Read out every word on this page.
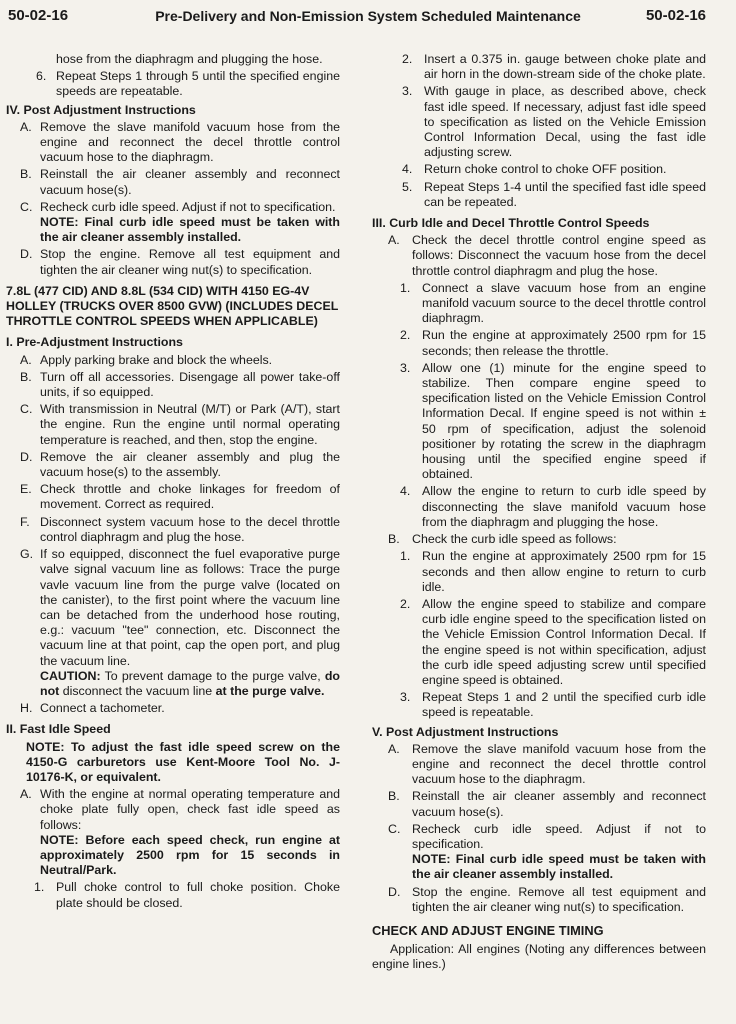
50-02-16	Pre-Delivery and Non-Emission System Scheduled Maintenance	50-02-16
hose from the diaphragm and plugging the hose.
6. Repeat Steps 1 through 5 until the specified engine speeds are repeatable.
IV. Post Adjustment Instructions
A. Remove the slave manifold vacuum hose from the engine and reconnect the decel throttle control vacuum hose to the diaphragm.
B. Reinstall the air cleaner assembly and reconnect vacuum hose(s).
C. Recheck curb idle speed. Adjust if not to specification.
NOTE: Final curb idle speed must be taken with the air cleaner assembly installed.
D. Stop the engine. Remove all test equipment and tighten the air cleaner wing nut(s) to specification.
7.8L (477 CID) AND 8.8L (534 CID) WITH 4150 EG-4V HOLLEY (TRUCKS OVER 8500 GVW) (INCLUDES DECEL THROTTLE CONTROL SPEEDS WHEN APPLICABLE)
I. Pre-Adjustment Instructions
A. Apply parking brake and block the wheels.
B. Turn off all accessories. Disengage all power take-off units, if so equipped.
C. With transmission in Neutral (M/T) or Park (A/T), start the engine. Run the engine until normal operating temperature is reached, and then, stop the engine.
D. Remove the air cleaner assembly and plug the vacuum hose(s) to the assembly.
E. Check throttle and choke linkages for freedom of movement. Correct as required.
F. Disconnect system vacuum hose to the decel throttle control diaphragm and plug the hose.
G. If so equipped, disconnect the fuel evaporative purge valve signal vacuum line as follows: Trace the purge vavle vacuum line from the purge valve (located on the canister), to the first point where the vacuum line can be detached from the underhood hose routing, e.g.: vacuum "tee" connection, etc. Disconnect the vacuum line at that point, cap the open port, and plug the vacuum line.
CAUTION: To prevent damage to the purge valve, do not disconnect the vacuum line at the purge valve.
H. Connect a tachometer.
II. Fast Idle Speed
NOTE: To adjust the fast idle speed screw on the 4150-G carburetors use Kent-Moore Tool No. J-10176-K, or equivalent.
A. With the engine at normal operating temperature and choke plate fully open, check fast idle speed as follows:
NOTE: Before each speed check, run engine at approximately 2500 rpm for 15 seconds in Neutral/Park.
1. Pull choke control to full choke position. Choke plate should be closed.
2. Insert a 0.375 in. gauge between choke plate and air horn in the down-stream side of the choke plate.
3. With gauge in place, as described above, check fast idle speed. If necessary, adjust fast idle speed to specification as listed on the Vehicle Emission Control Information Decal, using the fast idle adjusting screw.
4. Return choke control to choke OFF position.
5. Repeat Steps 1-4 until the specified fast idle speed can be repeated.
III. Curb Idle and Decel Throttle Control Speeds
A. Check the decel throttle control engine speed as follows: Disconnect the vacuum hose from the decel throttle control diaphragm and plug the hose.
1. Connect a slave vacuum hose from an engine manifold vacuum source to the decel throttle control diaphragm.
2. Run the engine at approximately 2500 rpm for 15 seconds; then release the throttle.
3. Allow one (1) minute for the engine speed to stabilize. Then compare engine speed to specification listed on the Vehicle Emission Control Information Decal. If engine speed is not within ± 50 rpm of specification, adjust the solenoid positioner by rotating the screw in the diaphragm housing until the specified engine speed if obtained.
4. Allow the engine to return to curb idle speed by disconnecting the slave manifold vacuum hose from the diaphragm and plugging the hose.
B. Check the curb idle speed as follows:
1. Run the engine at approximately 2500 rpm for 15 seconds and then allow engine to return to curb idle.
2. Allow the engine speed to stabilize and compare curb idle engine speed to the specification listed on the Vehicle Emission Control Information Decal. If the engine speed is not within specification, adjust the curb idle speed adjusting screw until specified engine speed is obtained.
3. Repeat Steps 1 and 2 until the specified curb idle speed is repeatable.
V. Post Adjustment Instructions
A. Remove the slave manifold vacuum hose from the engine and reconnect the decel throttle control vacuum hose to the diaphragm.
B. Reinstall the air cleaner assembly and reconnect vacuum hose(s).
C. Recheck curb idle speed. Adjust if not to specification.
NOTE: Final curb idle speed must be taken with the air cleaner assembly installed.
D. Stop the engine. Remove all test equipment and tighten the air cleaner wing nut(s) to specification.
CHECK AND ADJUST ENGINE TIMING
Application: All engines (Noting any differences between engine lines.)
